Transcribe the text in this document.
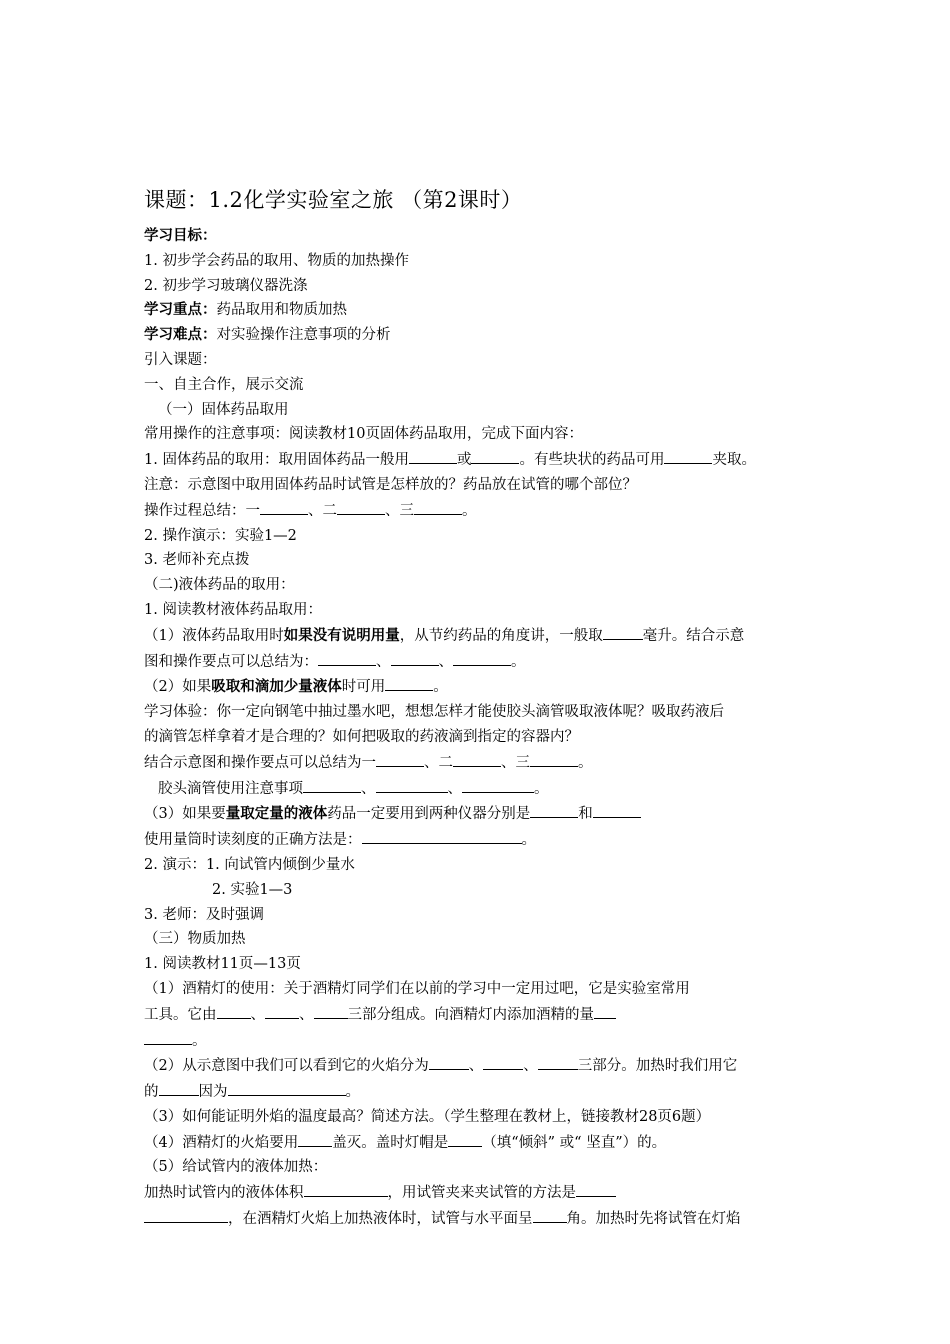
课题：1.2化学实验室之旅 （第2课时）
学习目标：
1. 初步学会药品的取用、物质的加热操作
2. 初步学习玻璃仪器洗涤
学习重点：药品取用和物质加热
学习难点：对实验操作注意事项的分析
引入课题：
一、自主合作，展示交流
（一）固体药品取用
常用操作的注意事项：阅读教材10页固体药品取用，完成下面内容：
1. 固体药品的取用：取用固体药品一般用	或	。有些块状的药品可用	夹取。
注意：示意图中取用固体药品时试管是怎样放的？药品放在试管的哪个部位？
操作过程总结：一	、二	、三	。
2. 操作演示：实验1—2
3. 老师补充点拨
（二)液体药品的取用：
1. 阅读教材液体药品取用：
（1）液体药品取用时如果没有说明用量，从节约药品的角度讲，一般取	毫升。结合示意
图和操作要点可以总结为：	、	、	。
（2）如果吸取和滴加少量液体时可用	。
学习体验：你一定向钢笔中抽过墨水吧，想想怎样才能使胶头滴管吸取液体呢？吸取药液后
的滴管怎样拿着才是合理的？如何把吸取的药液滴到指定的容器内？
结合示意图和操作要点可以总结为一	、二	、三	。
胶头滴管使用注意事项	、	、	。
（3）如果要量取定量的液体药品一定要用到两种仪器分别是	和
使用量筒时读刻度的正确方法是：	。
2. 演示：1. 向试管内倾倒少量水
2. 实验1—3
3. 老师：及时强调
（三）物质加热
1. 阅读教材11页—13页
（1）酒精灯的使用：关于酒精灯同学们在以前的学习中一定用过吧，它是实验室常用
工具。它由 、 、 三部分组成。向酒精灯内添加酒精的量
。
（2）从示意图中我们可以看到它的火焰分为	、	、	三部分。加热时我们用它
的	因为	。
（3）如何能证明外焰的温度最高？简述方法。（学生整理在教材上，链接教材28页6题）
（4）酒精灯的火焰要用 盖灭。盖时灯帽是 （填“倾斜” 或“ 坚直”）的。
（5）给试管内的液体加热：
加热时试管内的液体体积	，用试管夹来夹试管的方法是
，在酒精灯火焰上加热液体时，试管与水平面呈 角。加热时先将试管在灯焰
